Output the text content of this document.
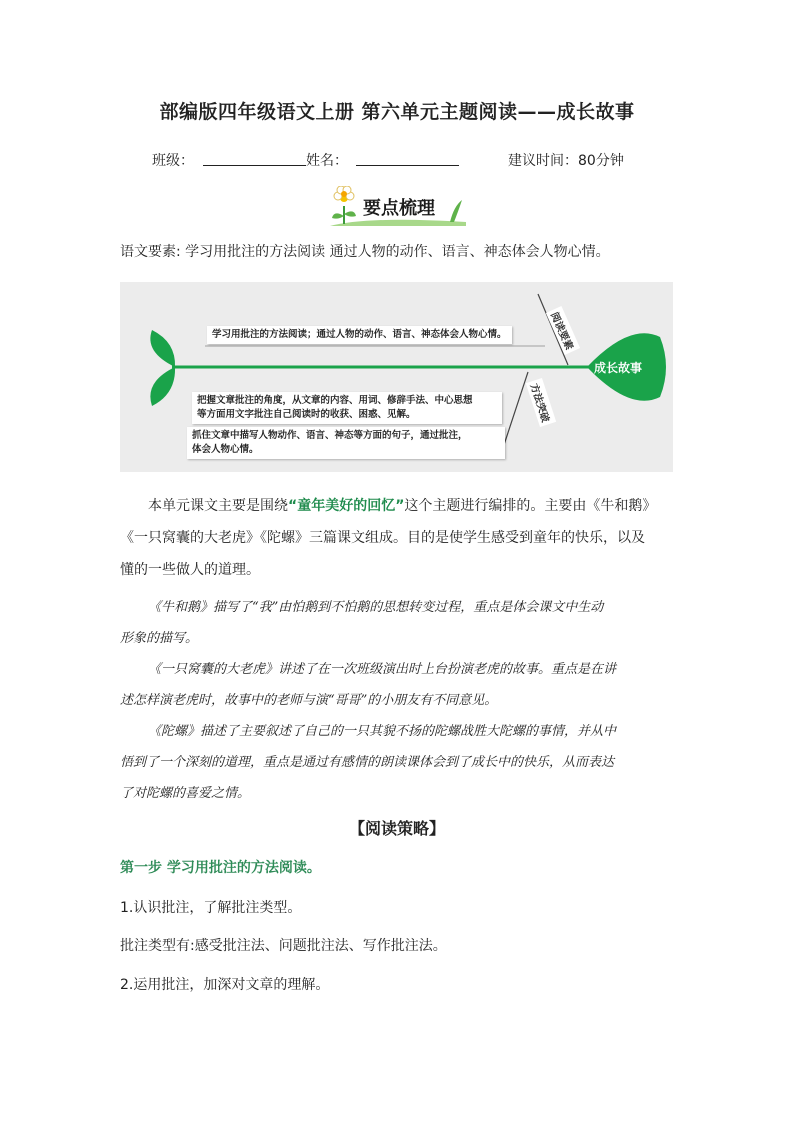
部编版四年级语文上册 第六单元主题阅读——成长故事
班级：	姓名：	建议时间：80分钟
要点梳理
语文要素: 学习用批注的方法阅读 通过人物的动作、语言、神态体会人物心情。
学习用批注的方法阅读；通过人物的动作、语言、神态体会人物心情。
把握文章批注的角度，从文章的内容、用词、修辞手法、中心思想
等方面用文字批注自己阅读时的收获、困惑、见解。
抓住文章中描写人物动作、语言、神态等方面的句子，通过批注，
体会人物心情。
阅读要素
方法突破
成长故事
本单元课文主要是围绕“童年美好的回忆”这个主题进行编排的。主要由《牛和鹅》
《一只窝囊的大老虎》《陀螺》三篇课文组成。目的是使学生感受到童年的快乐，以及
懂的一些做人的道理。
《牛和鹅》描写了“我”由怕鹅到不怕鹅的思想转变过程，重点是体会课文中生动
形象的描写。
《一只窝囊的大老虎》讲述了在一次班级演出时上台扮演老虎的故事。重点是在讲
述怎样演老虎时，故事中的老师与演“哥哥”的小朋友有不同意见。
《陀螺》描述了主要叙述了自己的一只其貌不扬的陀螺战胜大陀螺的事情，并从中
悟到了一个深刻的道理，重点是通过有感情的朗读课体会到了成长中的快乐，从而表达
了对陀螺的喜爱之情。
【阅读策略】
第一步 学习用批注的方法阅读。
1.认识批注，了解批注类型。
批注类型有:感受批注法、问题批注法、写作批注法。
2.运用批注，加深对文章的理解。
